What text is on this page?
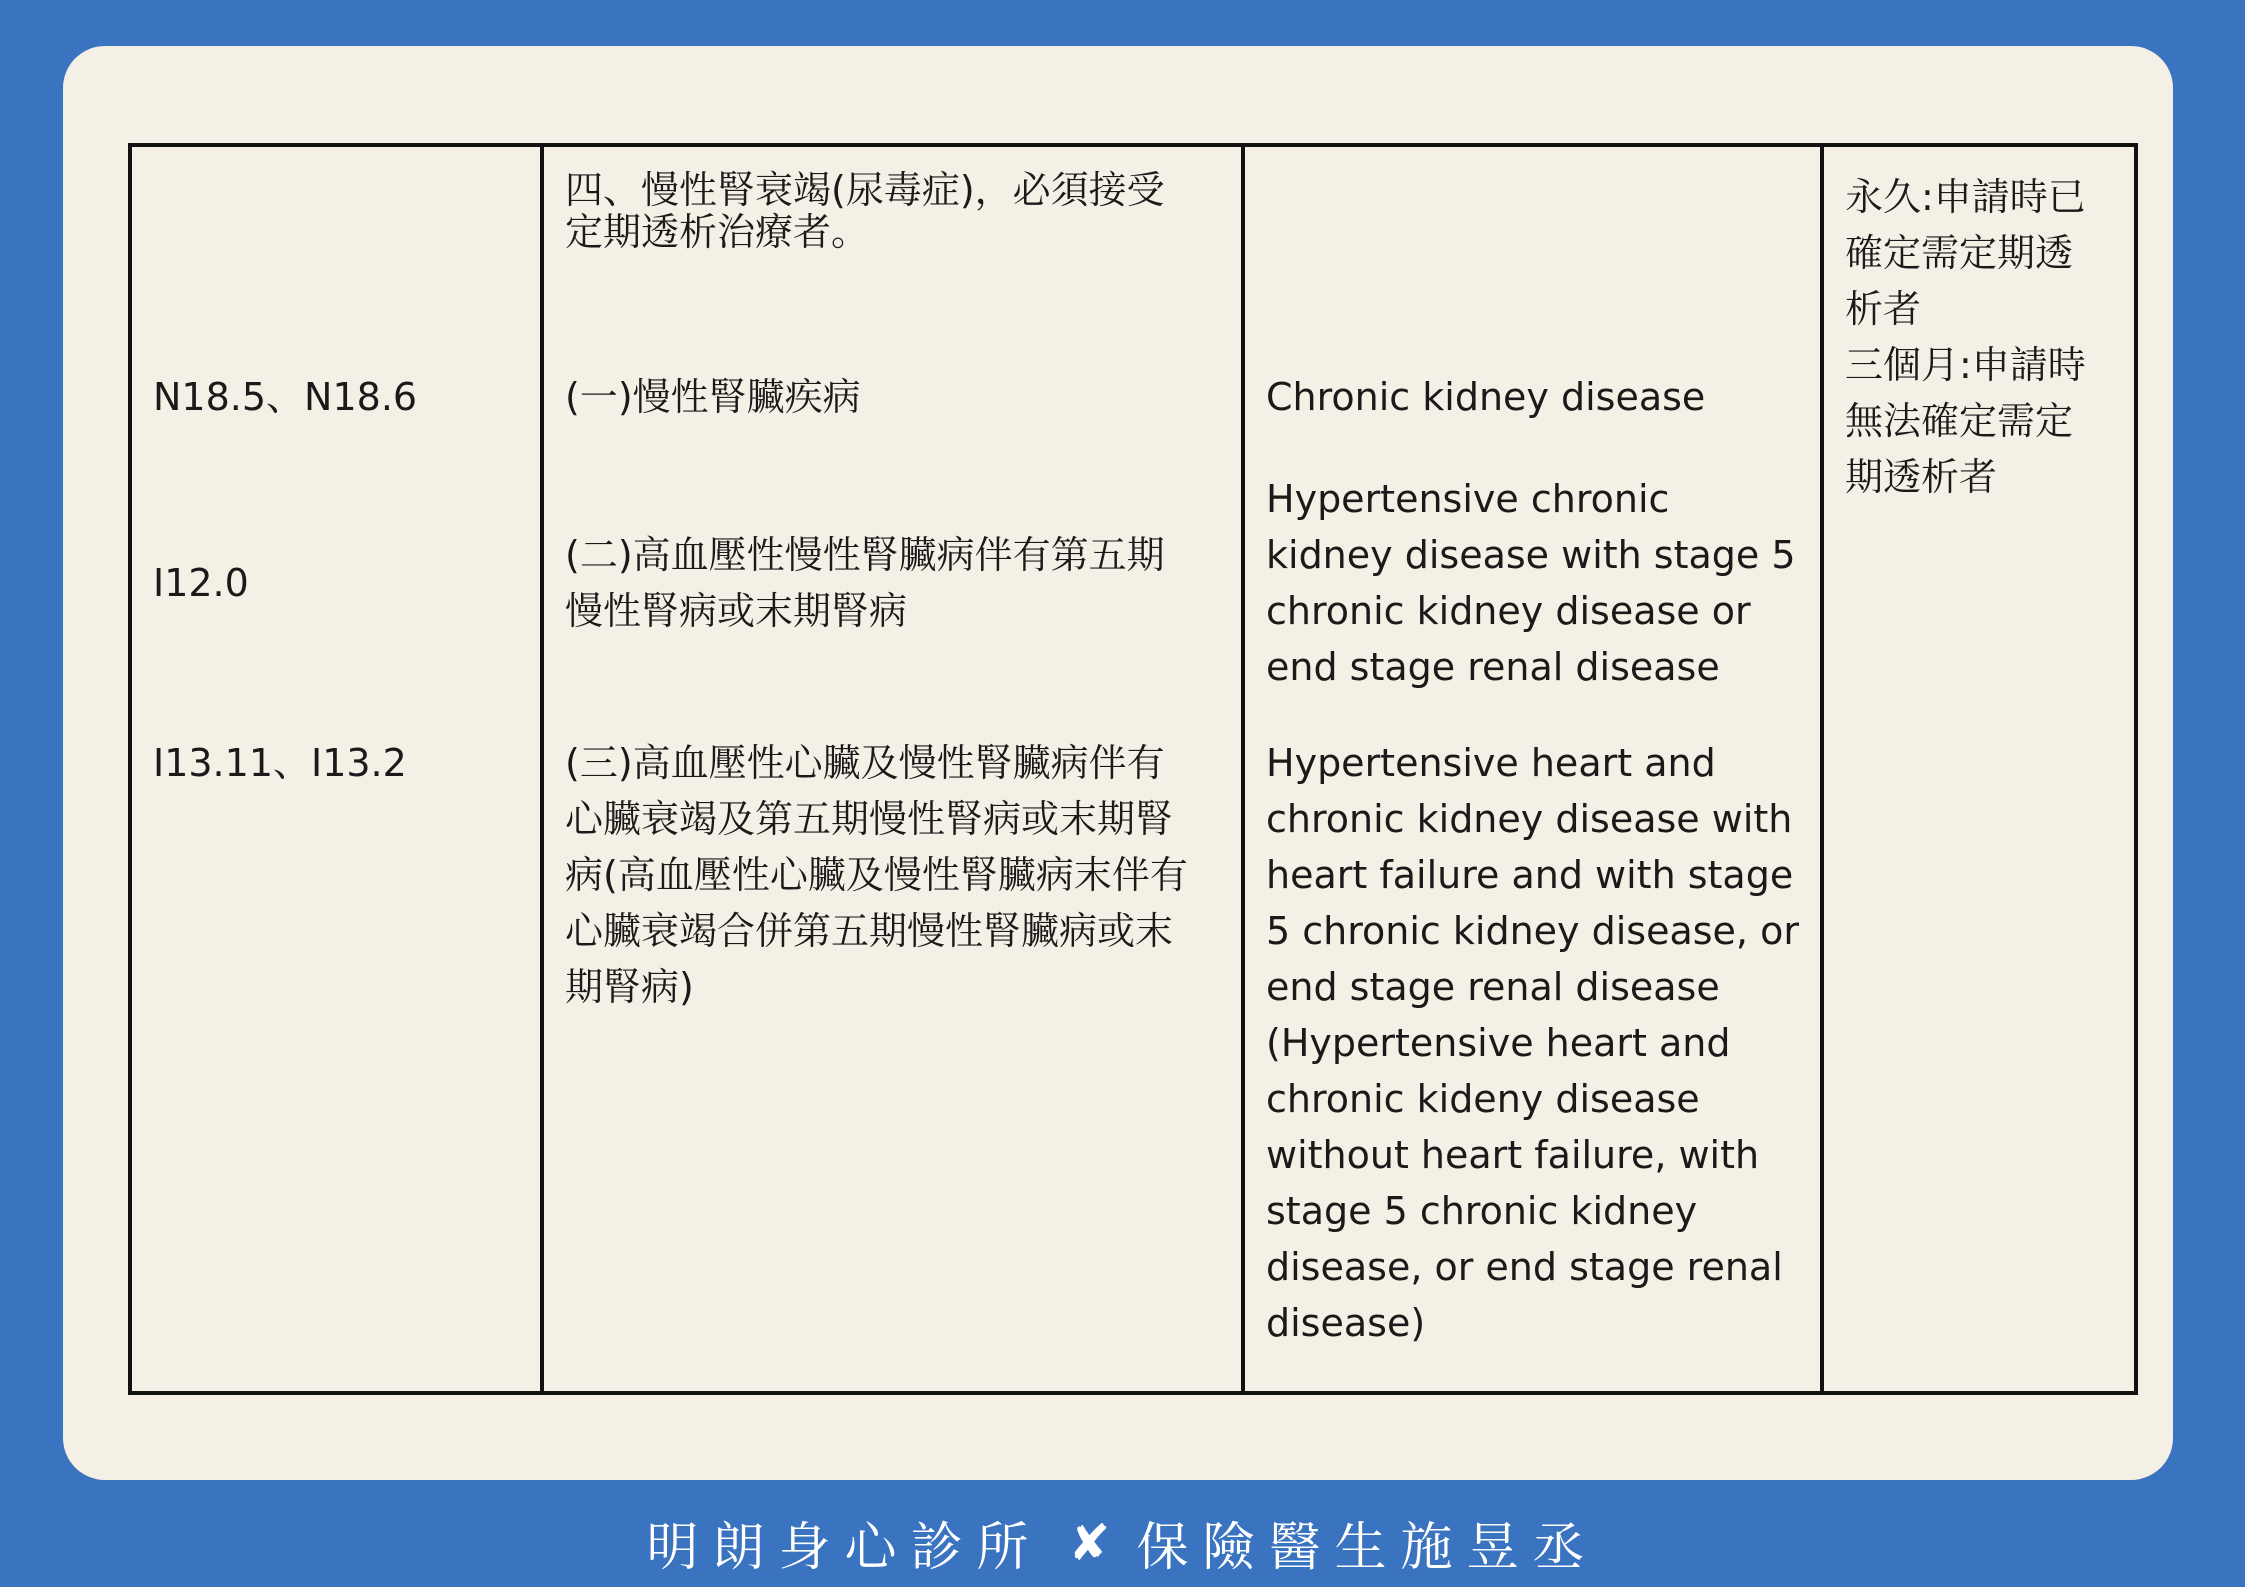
N18.5、N18.6
I12.0
I13.11、I13.2
四、慢性腎衰竭(尿毒症)，必須接受
定期透析治療者。
(一)慢性腎臟疾病
(二)高血壓性慢性腎臟病伴有第五期
慢性腎病或末期腎病
(三)高血壓性心臟及慢性腎臟病伴有
心臟衰竭及第五期慢性腎病或末期腎
病(高血壓性心臟及慢性腎臟病末伴有
心臟衰竭合併第五期慢性腎臟病或末
期腎病)
Chronic kidney disease
Hypertensive chronic
kidney disease with stage 5
chronic kidney disease or
end stage renal disease
Hypertensive heart and
chronic kidney disease with
heart failure and with stage
5 chronic kidney disease, or
end stage renal disease
(Hypertensive heart and
chronic kideny disease
without heart failure, with
stage 5 chronic kidney
disease, or end stage renal
disease)
永久:申請時已
確定需定期透
析者
三個月:申請時
無法確定需定
期透析者
明朗身心診所 ✘ 保險醫生施昱丞
